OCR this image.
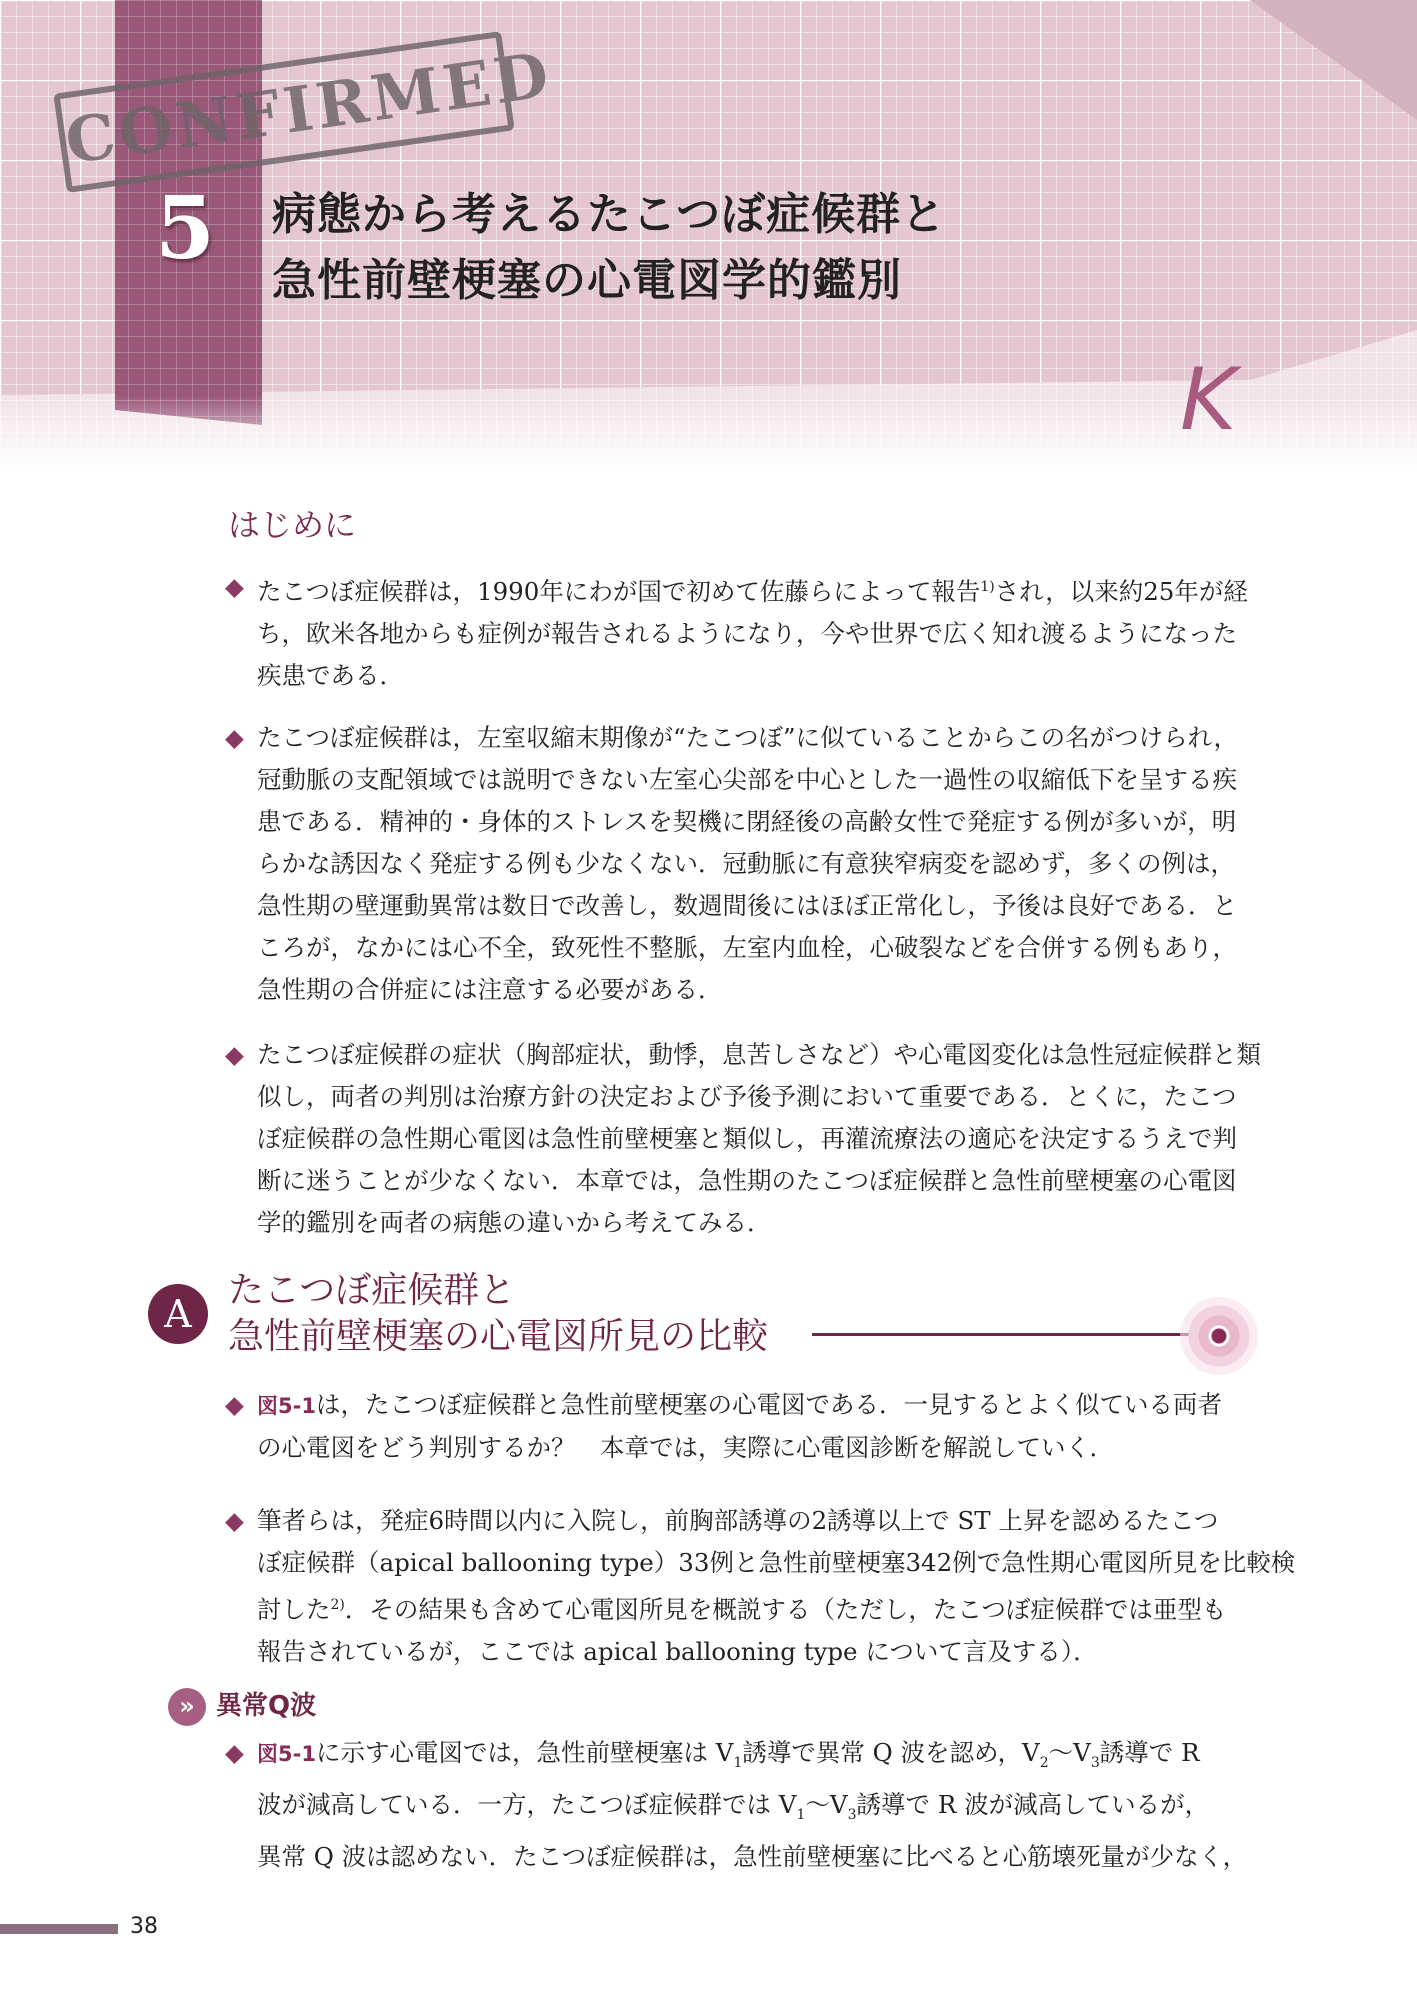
CONFIRMED
5 病態から考えるたこつぼ症候群と
急性前壁梗塞の心電図学的鑑別
K
はじめに
◆ たこつぼ症候群は，1990年にわが国で初めて佐藤らによって報告$^{1)}$され，以来約25年が経
ち，欧米各地からも症例が報告されるようになり，今や世界で広く知れ渡るようになった
疾患である．
◆ たこつぼ症候群は，左室収縮末期像が“たこつぼ”に似ていることからこの名がつけられ，
冠動脈の支配領域では説明できない左室心尖部を中心とした一過性の収縮低下を呈する疾
患である．精神的・身体的ストレスを契機に閉経後の高齢女性で発症する例が多いが，明
らかな誘因なく発症する例も少なくない．冠動脈に有意狭窄病変を認めず，多くの例は，
急性期の壁運動異常は数日で改善し，数週間後にはほぼ正常化し，予後は良好である．と
ころが，なかには心不全，致死性不整脈，左室内血栓，心破裂などを合併する例もあり，
急性期の合併症には注意する必要がある．
◆ たこつぼ症候群の症状（胸部症状，動悸，息苦しさなど）や心電図変化は急性冠症候群と類
似し，両者の判別は治療方針の決定および予後予測において重要である．とくに，たこつ
ぼ症候群の急性期心電図は急性前壁梗塞と類似し，再灌流療法の適応を決定するうえで判
断に迷うことが少なくない．本章では，急性期のたこつぼ症候群と急性前壁梗塞の心電図
学的鑑別を両者の病態の違いから考えてみる．
A
たこつぼ症候群と
急性前壁梗塞の心電図所見の比較
◆ 図5-1は，たこつぼ症候群と急性前壁梗塞の心電図である．一見するとよく似ている両者
の心電図をどう判別するか？　本章では，実際に心電図診断を解説していく．
◆ 筆者らは，発症6時間以内に入院し，前胸部誘導の2誘導以上で ST 上昇を認めるたこつ
ぼ症候群（apical ballooning type）33例と急性前壁梗塞342例で急性期心電図所見を比較検
討した$^{2)}$．その結果も含めて心電図所見を概説する（ただし，たこつぼ症候群では亜型も
報告されているが，ここでは apical ballooning type について言及する）．
» 異常Q波
◆ 図5-1に示す心電図では，急性前壁梗塞は $V_1$誘導で異常 Q 波を認め，$V_2\sim V_3$誘導で R
波が減高している．一方，たこつぼ症候群では $V_1\sim V_3$誘導で R 波が減高しているが，
異常 Q 波は認めない．たこつぼ症候群は，急性前壁梗塞に比べると心筋壊死量が少なく，
38
